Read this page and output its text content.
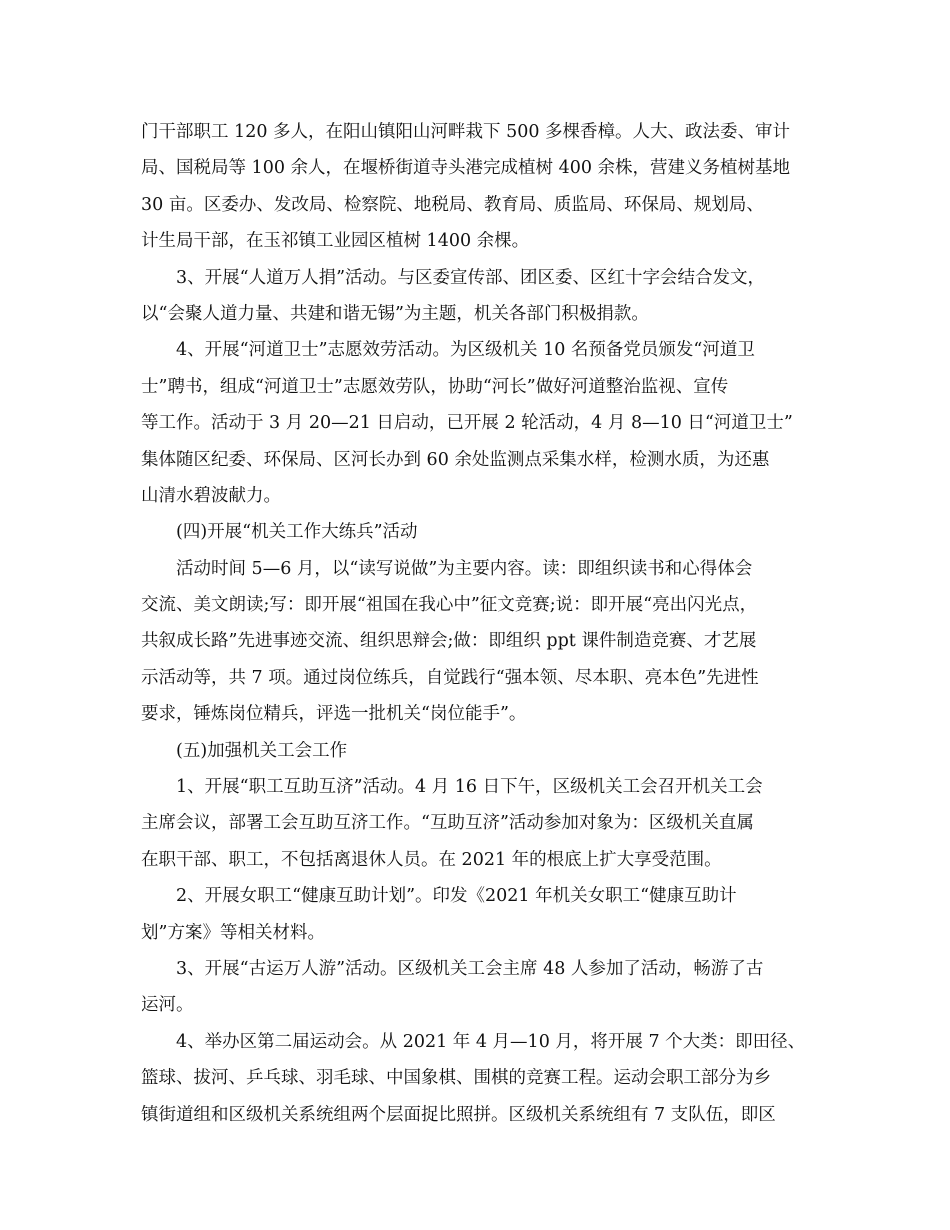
门干部职工 120 多人，在阳山镇阳山河畔栽下 500 多棵香樟。人大、政法委、审计
局、国税局等 100 余人，在堰桥街道寺头港完成植树 400 余株，营建义务植树基地
30 亩。区委办、发改局、检察院、地税局、教育局、质监局、环保局、规划局、
计生局干部，在玉祁镇工业园区植树 1400 余棵。
3、开展“人道万人捐”活动。与区委宣传部、团区委、区红十字会结合发文，
以“会聚人道力量、共建和谐无锡”为主题，机关各部门积极捐款。
4、开展“河道卫士”志愿效劳活动。为区级机关 10 名预备党员颁发“河道卫
士”聘书，组成“河道卫士”志愿效劳队，协助“河长”做好河道整治监视、宣传
等工作。活动于 3 月 20—21 日启动，已开展 2 轮活动，4 月 8—10 日“河道卫士”
集体随区纪委、环保局、区河长办到 60 余处监测点采集水样，检测水质，为还惠
山清水碧波献力。
(四)开展“机关工作大练兵”活动
活动时间 5—6 月，以“读写说做”为主要内容。读：即组织读书和心得体会
交流、美文朗读;写：即开展“祖国在我心中”征文竞赛;说：即开展“亮出闪光点，
共叙成长路”先进事迹交流、组织思辩会;做：即组织 ppt 课件制造竞赛、才艺展
示活动等，共 7 项。通过岗位练兵，自觉践行“强本领、尽本职、亮本色”先进性
要求，锤炼岗位精兵，评选一批机关“岗位能手”。
(五)加强机关工会工作
1、开展“职工互助互济”活动。4 月 16 日下午，区级机关工会召开机关工会
主席会议，部署工会互助互济工作。“互助互济”活动参加对象为：区级机关直属
在职干部、职工，不包括离退休人员。在 2021 年的根底上扩大享受范围。
2、开展女职工“健康互助计划”。印发《2021 年机关女职工“健康互助计
划”方案》等相关材料。
3、开展“古运万人游”活动。区级机关工会主席 48 人参加了活动，畅游了古
运河。
4、举办区第二届运动会。从 2021 年 4 月—10 月，将开展 7 个大类：即田径、
篮球、拔河、乒乓球、羽毛球、中国象棋、围棋的竞赛工程。运动会职工部分为乡
镇街道组和区级机关系统组两个层面捉比照拼。区级机关系统组有 7 支队伍，即区
